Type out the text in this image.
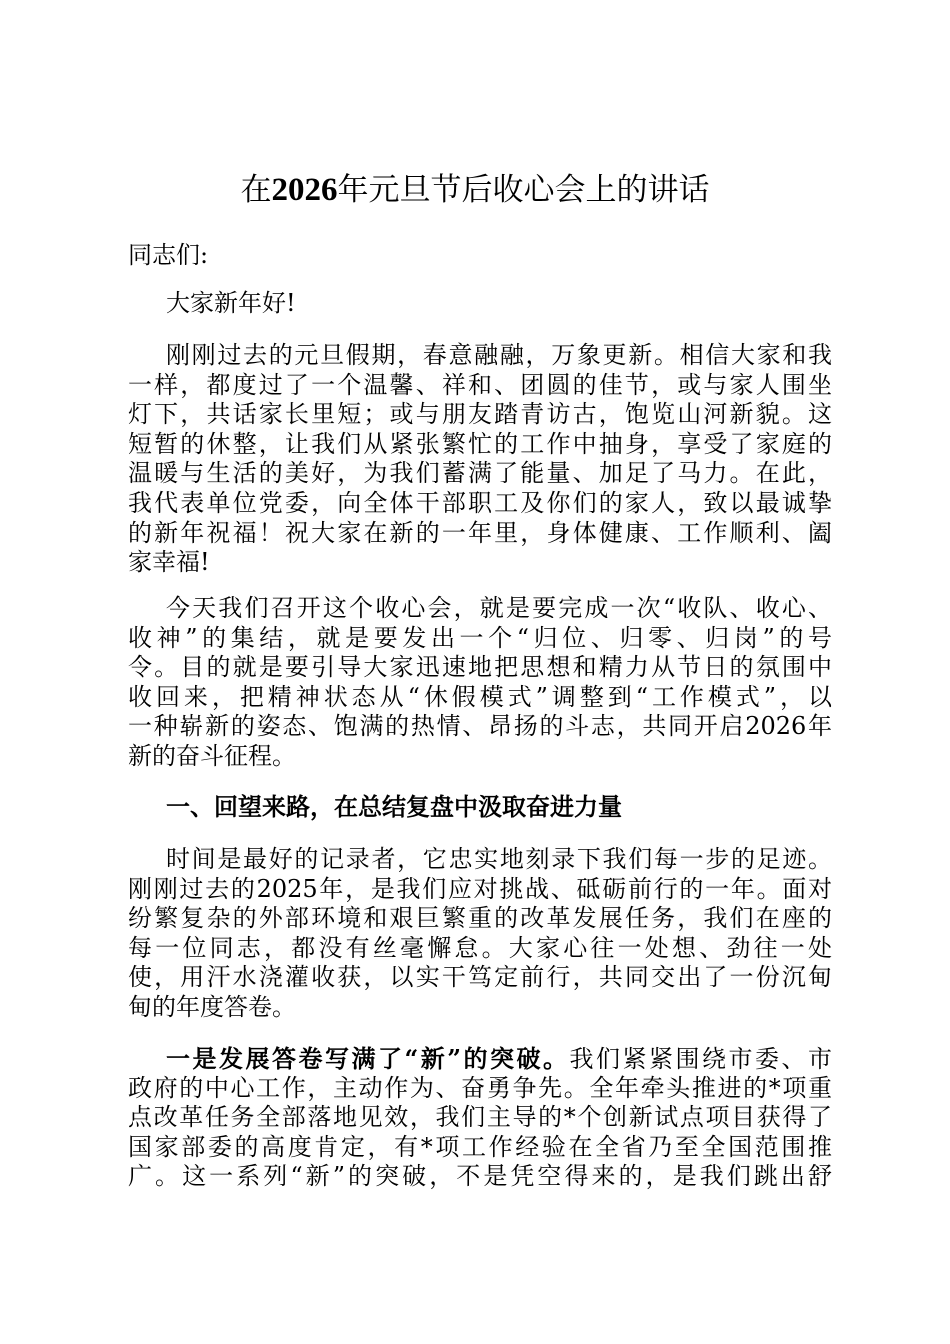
在2026年元旦节后收心会上的讲话
同志们:
大家新年好!
刚刚过去的元旦假期，春意融融，万象更新。相信大家和我
一样，都度过了一个温馨、祥和、团圆的佳节，或与家人围坐
灯下，共话家长里短；或与朋友踏青访古，饱览山河新貌。这
短暂的休整，让我们从紧张繁忙的工作中抽身，享受了家庭的
温暖与生活的美好，为我们蓄满了能量、加足了马力。在此，
我代表单位党委，向全体干部职工及你们的家人，致以最诚挚
的新年祝福！祝大家在新的一年里，身体健康、工作顺利、阖
家幸福!
今天我们召开这个收心会，就是要完成一次“收队、收心、
收神”的集结，就是要发出一个“归位、归零、归岗”的号
令。目的就是要引导大家迅速地把思想和精力从节日的氛围中
收回来，把精神状态从“休假模式”调整到“工作模式”，以
一种崭新的姿态、饱满的热情、昂扬的斗志，共同开启2026年
新的奋斗征程。
一、回望来路，在总结复盘中汲取奋进力量
时间是最好的记录者，它忠实地刻录下我们每一步的足迹。
刚刚过去的2025年，是我们应对挑战、砥砺前行的一年。面对
纷繁复杂的外部环境和艰巨繁重的改革发展任务，我们在座的
每一位同志，都没有丝毫懈怠。大家心往一处想、劲往一处
使，用汗水浇灌收获，以实干笃定前行，共同交出了一份沉甸
甸的年度答卷。
一是发展答卷写满了“新”的突破。我们紧紧围绕市委、市
政府的中心工作，主动作为、奋勇争先。全年牵头推进的*项重
点改革任务全部落地见效，我们主导的*个创新试点项目获得了
国家部委的高度肯定，有*项工作经验在全省乃至全国范围推
广。这一系列“新”的突破，不是凭空得来的，是我们跳出舒
